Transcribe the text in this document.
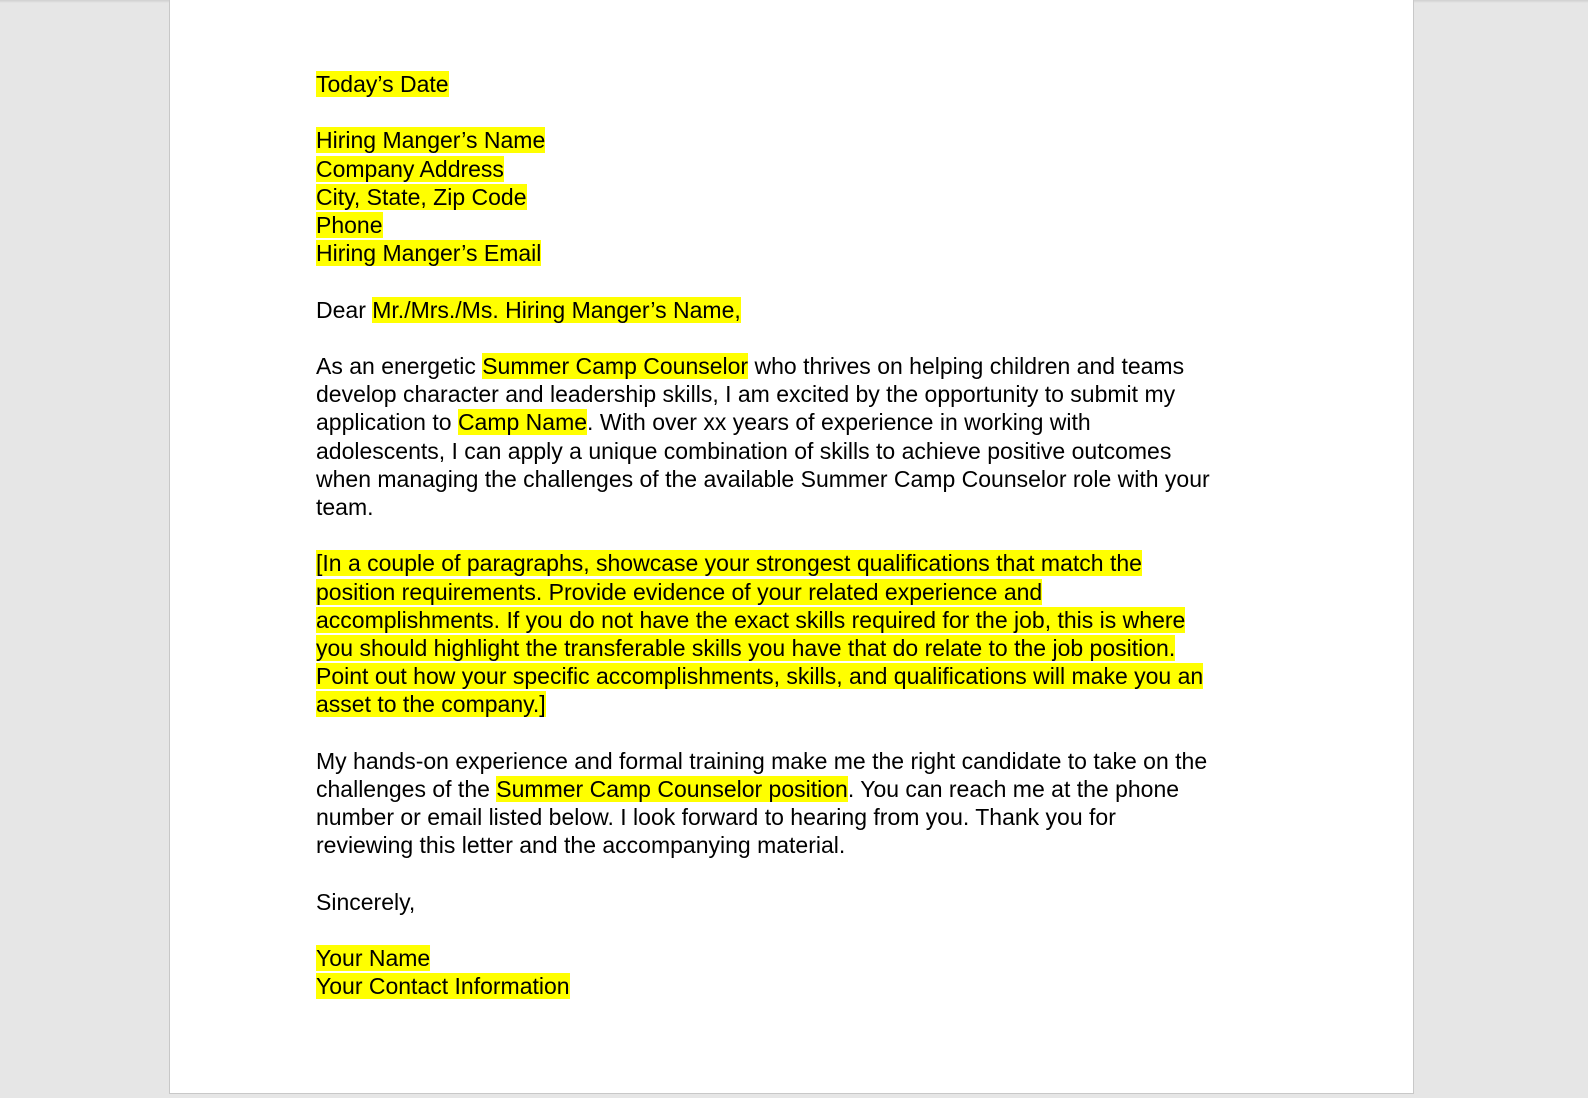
Today’s Date
Hiring Manger’s Name
Company Address
City, State, Zip Code
Phone
Hiring Manger’s Email
Dear Mr./Mrs./Ms. Hiring Manger’s Name,
As an energetic Summer Camp Counselor who thrives on helping children and teams
develop character and leadership skills, I am excited by the opportunity to submit my
application to Camp Name. With over xx years of experience in working with
adolescents, I can apply a unique combination of skills to achieve positive outcomes
when managing the challenges of the available Summer Camp Counselor role with your
team.
[In a couple of paragraphs, showcase your strongest qualifications that match the
position requirements. Provide evidence of your related experience and
accomplishments. If you do not have the exact skills required for the job, this is where
you should highlight the transferable skills you have that do relate to the job position.
Point out how your specific accomplishments, skills, and qualifications will make you an
asset to the company.]
My hands-on experience and formal training make me the right candidate to take on the
challenges of the Summer Camp Counselor position. You can reach me at the phone
number or email listed below. I look forward to hearing from you. Thank you for
reviewing this letter and the accompanying material.
Sincerely,
Your Name
Your Contact Information
